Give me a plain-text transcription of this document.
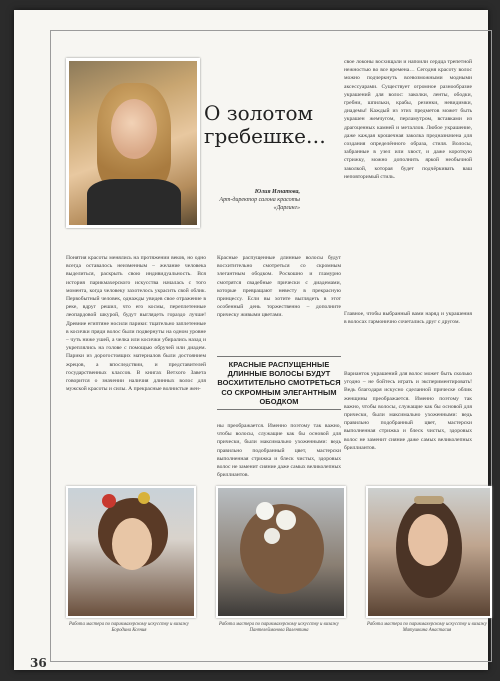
О золотом гребешке…
Юлия Игнатова,
Арт-директор салона красоты «Дарлинг»

свое локоны восхищали и напоили сердца трепетной нежностью во все времена… Сегодня красоту волос можно подчеркнуть всевозможными модными аксессуарами. Существует огромное разнообразие украшений для волос: заколки, ленты, ободки, гребни, шпильки, крабы, резинки, невидимки, диадемы! Каждый из этих предметов может быть украшен жемчугом, перламутром, вставками из драгоценных камней и металлов. Любое украшение, даже каждая крошечная заколка предназначена для создания определённого образа, стиля. Волосы, забранные в узел или хвост, и даже короткую стрижку, можно дополнить яркой необычной заколкой, которая будет подчёркивать ваш неповторимый стиль.

Понятия красоты менялись на протяжении веков, но одно всегда оставалось неизменным – желание человека выделиться, раскрыть свою индивидуальность. Вся история парикмахерского искусства началась с того момента, когда человеку захотелось украсить свой облик. Первобытный человек, однажды увидев свое отражение в реке, вдруг решил, что его космы, переплетенные леопардовой шкурой, будут выглядеть гораздо лучше! Древние египтяне носили парики: тщательно заплетенные в косички пряди волос были подвернуты на одном уровне – чуть ниже ушей, а челка или косички убирались назад и укреплялись на голове с помощью обручей или диадем. Парики из дорогостоящих материалов были достоянием жрецов, а впоследствии, и представителей государственных классов. В книгах Ветхого Завета говорится о значении наличия длинных волос для мужской красоты и силы. А прекрасные волнистые жен-

Красные распущенные длинные волосы будут восхитительно смотреться со скромным элегантным ободком. Роскошно и гламурно смотрятся свадебные прически с диадемами, которые превращают невесту в прекрасную принцессу. Если вы хотите выглядеть в этот особенный день торжественно – дополните прическу живыми цветами.	Главное, чтобы выбранный вами наряд и украшения в волосах гармонично сочетались друг с другом.

КРАСНЫЕ РАСПУЩЕННЫЕ ДЛИННЫЕ ВОЛОСЫ БУДУТ ВОСХИТИТЕЛЬНО СМОТРЕТЬСЯ СО СКРОМНЫМ ЭЛЕГАНТНЫМ ОБОДКОМ

Варианток украшений для волос может быть сколько угодно – не бойтесь играть и экспериментировать! Ведь благодаря искусно сделанной прическе облик женщины преображается. Именно поэтому так важно, чтобы волосы, служащие как бы основой для прически, были максимально ухоженными: ведь правильно подобранный цвет, мастерски выполненная стрижка и блеск чистых, здоровых волос не заменит сияние даже самых великолепных бриллиантов.

ны преображается. Именно поэтому так важно, чтобы волосы, служащие как бы основой для прически, были максимально ухоженными: ведь правильно подобранный цвет, мастерски выполненная стрижка и блеск чистых, здоровых волос не заменит сияние даже самых великолепных бриллиантов.

Работа мастера по парикмахерскому искусству и визажу Бородина Ксения
Работа мастера по парикмахерскому искусству и визажу Пантелеймонова Валентина
Работа мастера по парикмахерскому искусству и визажу Матушкина Анастасия
36
